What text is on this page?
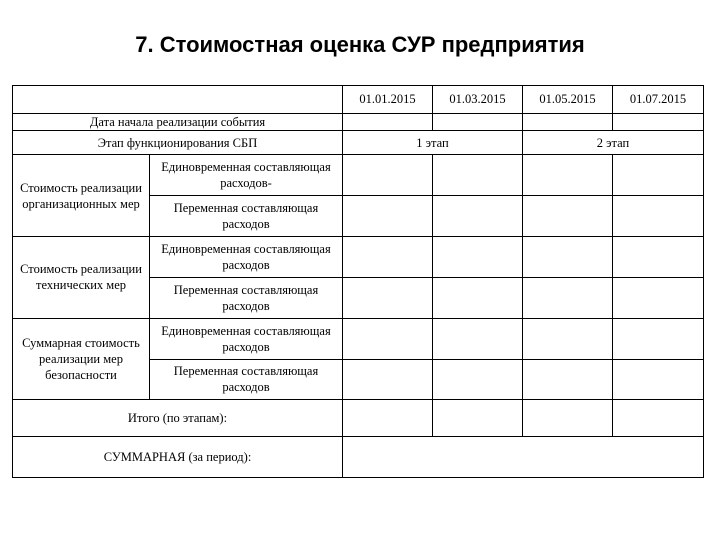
7. Стоимостная оценка СУР предприятия
		01.01.2015	01.03.2015	01.05.2015	01.07.2015
Дата начала реализации события					
Этап функционирования СБП		1 этап		2 этап	
Стоимость реализации организационных мер	Единовременная составляющая расходов-				
	Переменная составляющая расходов				
Стоимость реализации технических мер	Единовременная составляющая расходов				
	Переменная составляющая расходов				
Суммарная стоимость реализации мер безопасности	Единовременная составляющая расходов				
	Переменная составляющая расходов				
Итого (по этапам):					
СУММАРНАЯ (за период):					
